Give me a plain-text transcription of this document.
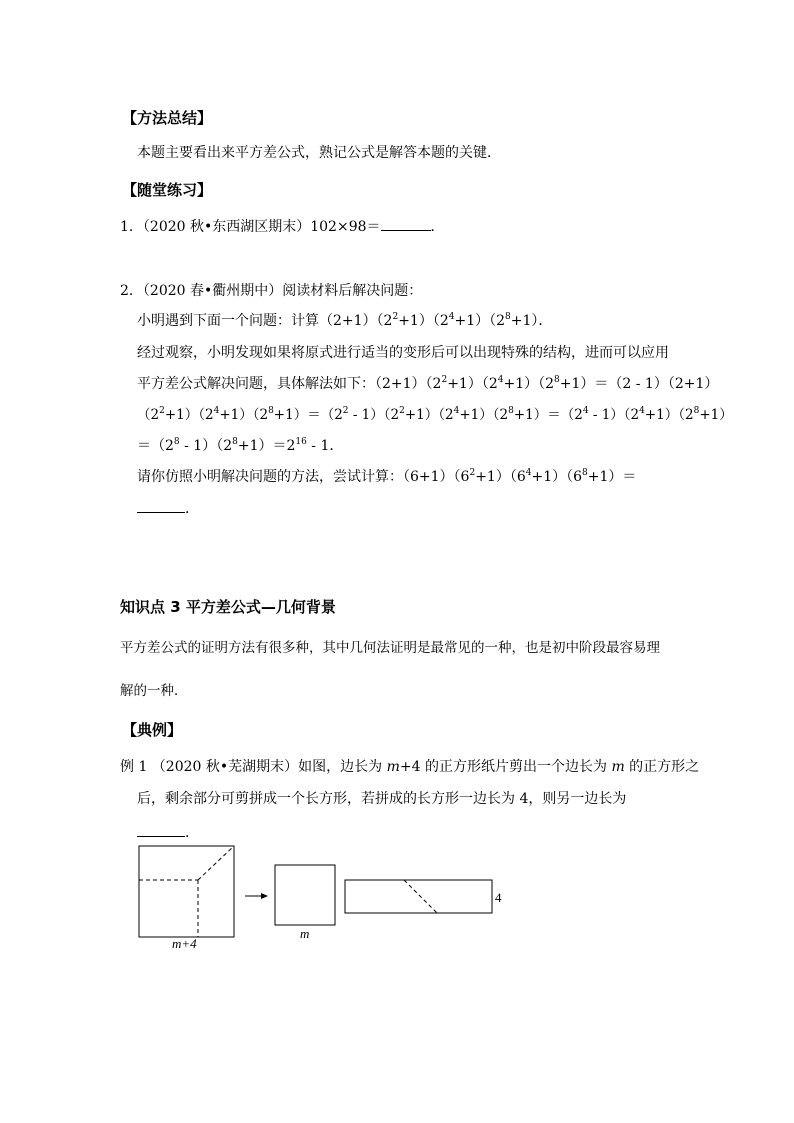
【方法总结】
本题主要看出来平方差公式，熟记公式是解答本题的关键．
【随堂练习】
1．（2020 秋•东西湖区期末）102×98＝	．
2．（2020 春•衢州期中）阅读材料后解决问题：
小明遇到下面一个问题：计算$(2+1)(2^2+1)(2^4+1)(2^8+1)$．
经过观察，小明发现如果将原式进行适当的变形后可以出现特殊的结构，进而可以应用
平方差公式解决问题，具体解法如下：$(2+1)(2^2+1)(2^4+1)(2^8+1)=(2 - 1)(2+1)$
$(2^2+1)(2^4+1)(2^8+1)=(2^2 - 1)(2^2+1)(2^4+1)(2^8+1)=(2^4 - 1)(2^4+1)(2^8+1)$
$=(2^8 - 1)(2^8+1)=2^{16} - 1$．
请你仿照小明解决问题的方法，尝试计算：$(6+1)(6^2+1)(6^4+1)(6^8+1)=$
．
知识点 3 平方差公式—几何背景
平方差公式的证明方法有很多种，其中几何法证明是最常见的一种，也是初中阶段最容易理
解的一种．
【典例】
例 1 （2020 秋•芜湖期末）如图，边长为 m+4 的正方形纸片剪出一个边长为 m 的正方形之
后，剩余部分可剪拼成一个长方形，若拼成的长方形一边长为 4，则另一边长为
．
m+4
m
4
